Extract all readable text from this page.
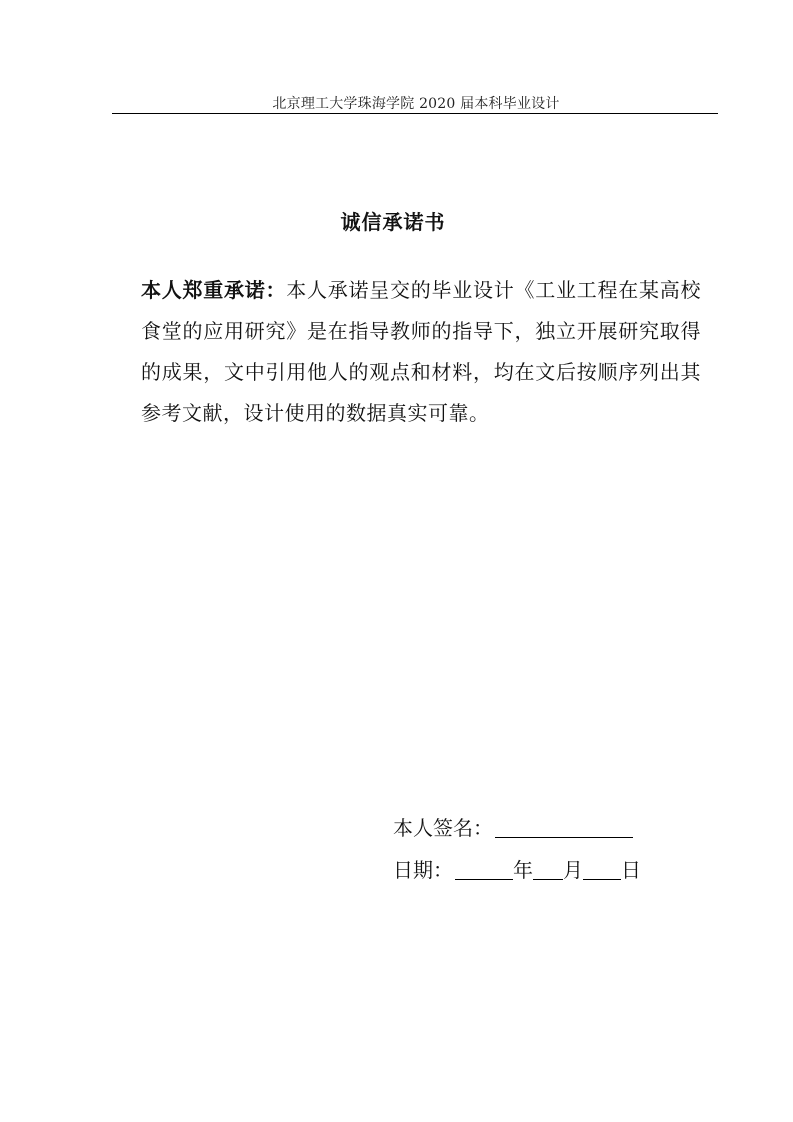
北京理工大学珠海学院 2020 届本科毕业设计
诚信承诺书
本人郑重承诺：本人承诺呈交的毕业设计《工业工程在某高校食堂的应用研究》是在指导教师的指导下，独立开展研究取得的成果，文中引用他人的观点和材料，均在文后按顺序列出其参考文献，设计使用的数据真实可靠。
本人签名：
日期：	年 月 日
